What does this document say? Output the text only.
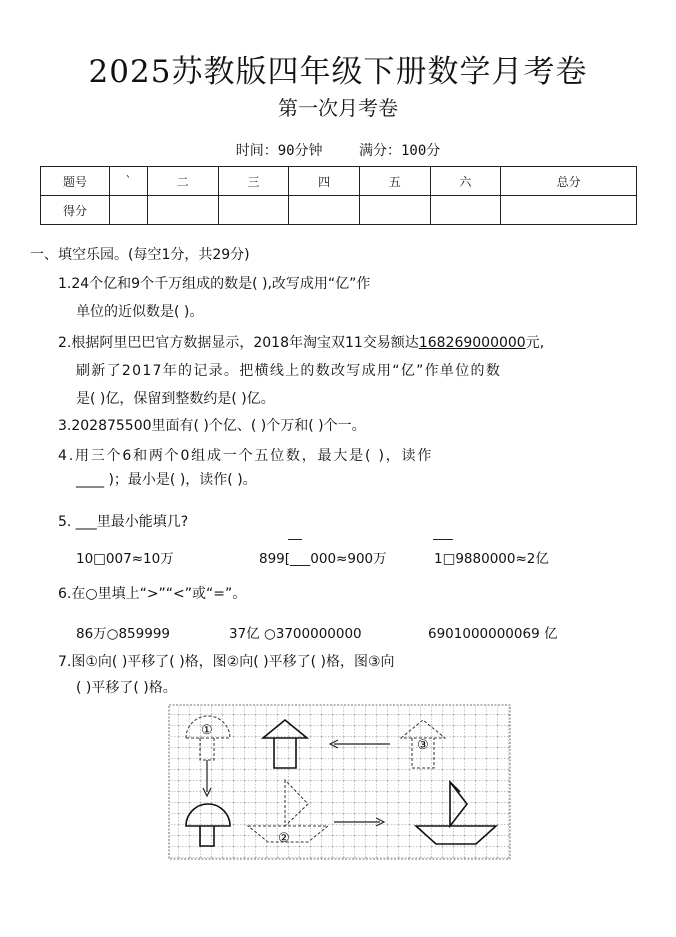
2025苏教版四年级下册数学月考卷
第一次月考卷
时间：90分钟	满分：100分
题号	`	二	三	四	五	六	总分
得分							
一、填空乐园。(每空1分，共29分)
1.24个亿和9个千万组成的数是( ),改写成用“亿”作
单位的近似数是( )。
2.根据阿里巴巴官方数据显示，2018年淘宝双11交易额达168269000000元,
刷新了2017年的记录。把横线上的数改写成用“亿”作单位的数
是( )亿，保留到整数约是( )亿。
3.202875500里面有( )个亿、( )个万和( )个一。
4.用三个6和两个0组成一个五位数，最大是( )，读作
____ )；最小是( )，读作( )。
5. ___里最小能填几?
10□007≈10万	899[___000≈900万	1□9880000≈2亿
6.在○里填上“>”“<”或“=”。
86万○859999	37亿 ○3700000000	6901000000069 亿
7.图①向( )平移了( )格，图②向( )平移了( )格，图③向
( )平移了( )格。
①
③
②
